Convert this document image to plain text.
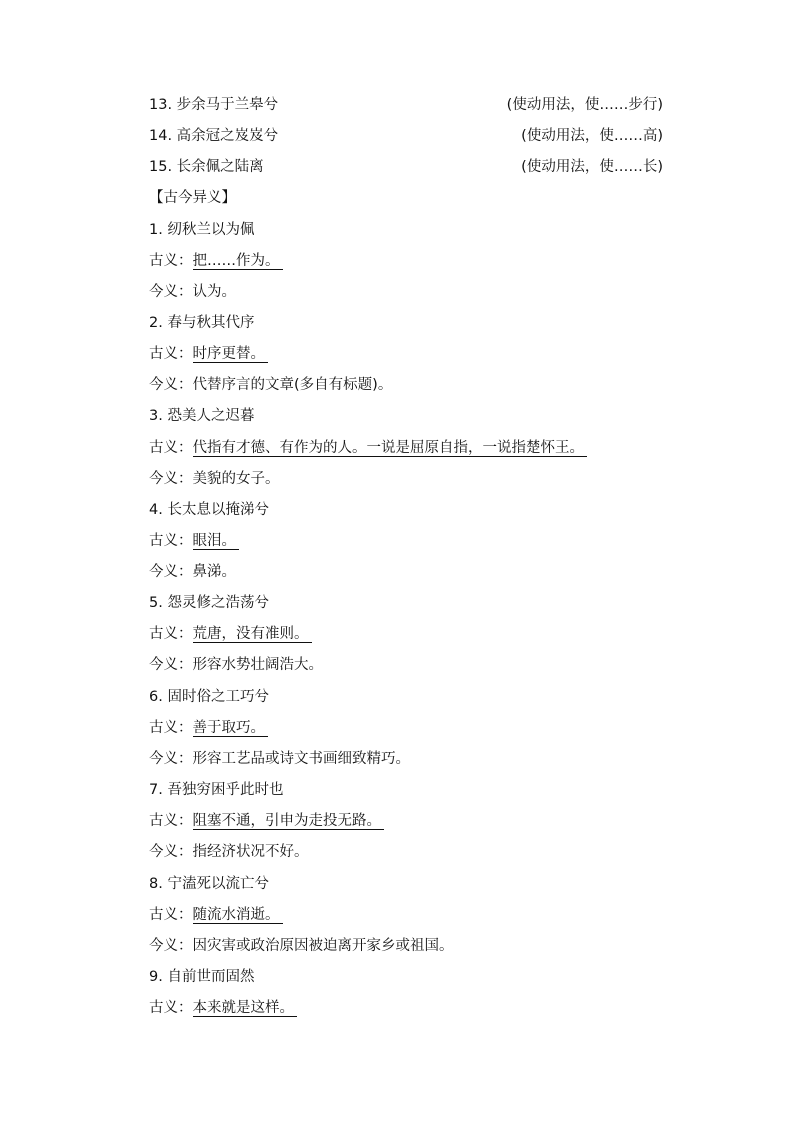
13. 步余马于兰皋兮	(使动用法，使……步行)
14. 高余冠之岌岌兮	(使动用法，使……高)
15. 长余佩之陆离	(使动用法，使……长)
【古今异义】
1. 纫秋兰以为佩
古义：把……作为。
今义：认为。
2. 春与秋其代序
古义：时序更替。
今义：代替序言的文章(多自有标题)。
3. 恐美人之迟暮
古义：代指有才德、有作为的人。一说是屈原自指，一说指楚怀王。
今义：美貌的女子。
4. 长太息以掩涕兮
古义：眼泪。
今义：鼻涕。
5. 怨灵修之浩荡兮
古义：荒唐，没有准则。
今义：形容水势壮阔浩大。
6. 固时俗之工巧兮
古义：善于取巧。
今义：形容工艺品或诗文书画细致精巧。
7. 吾独穷困乎此时也
古义：阻塞不通，引申为走投无路。
今义：指经济状况不好。
8. 宁溘死以流亡兮
古义：随流水消逝。
今义：因灾害或政治原因被迫离开家乡或祖国。
9. 自前世而固然
古义：本来就是这样。
